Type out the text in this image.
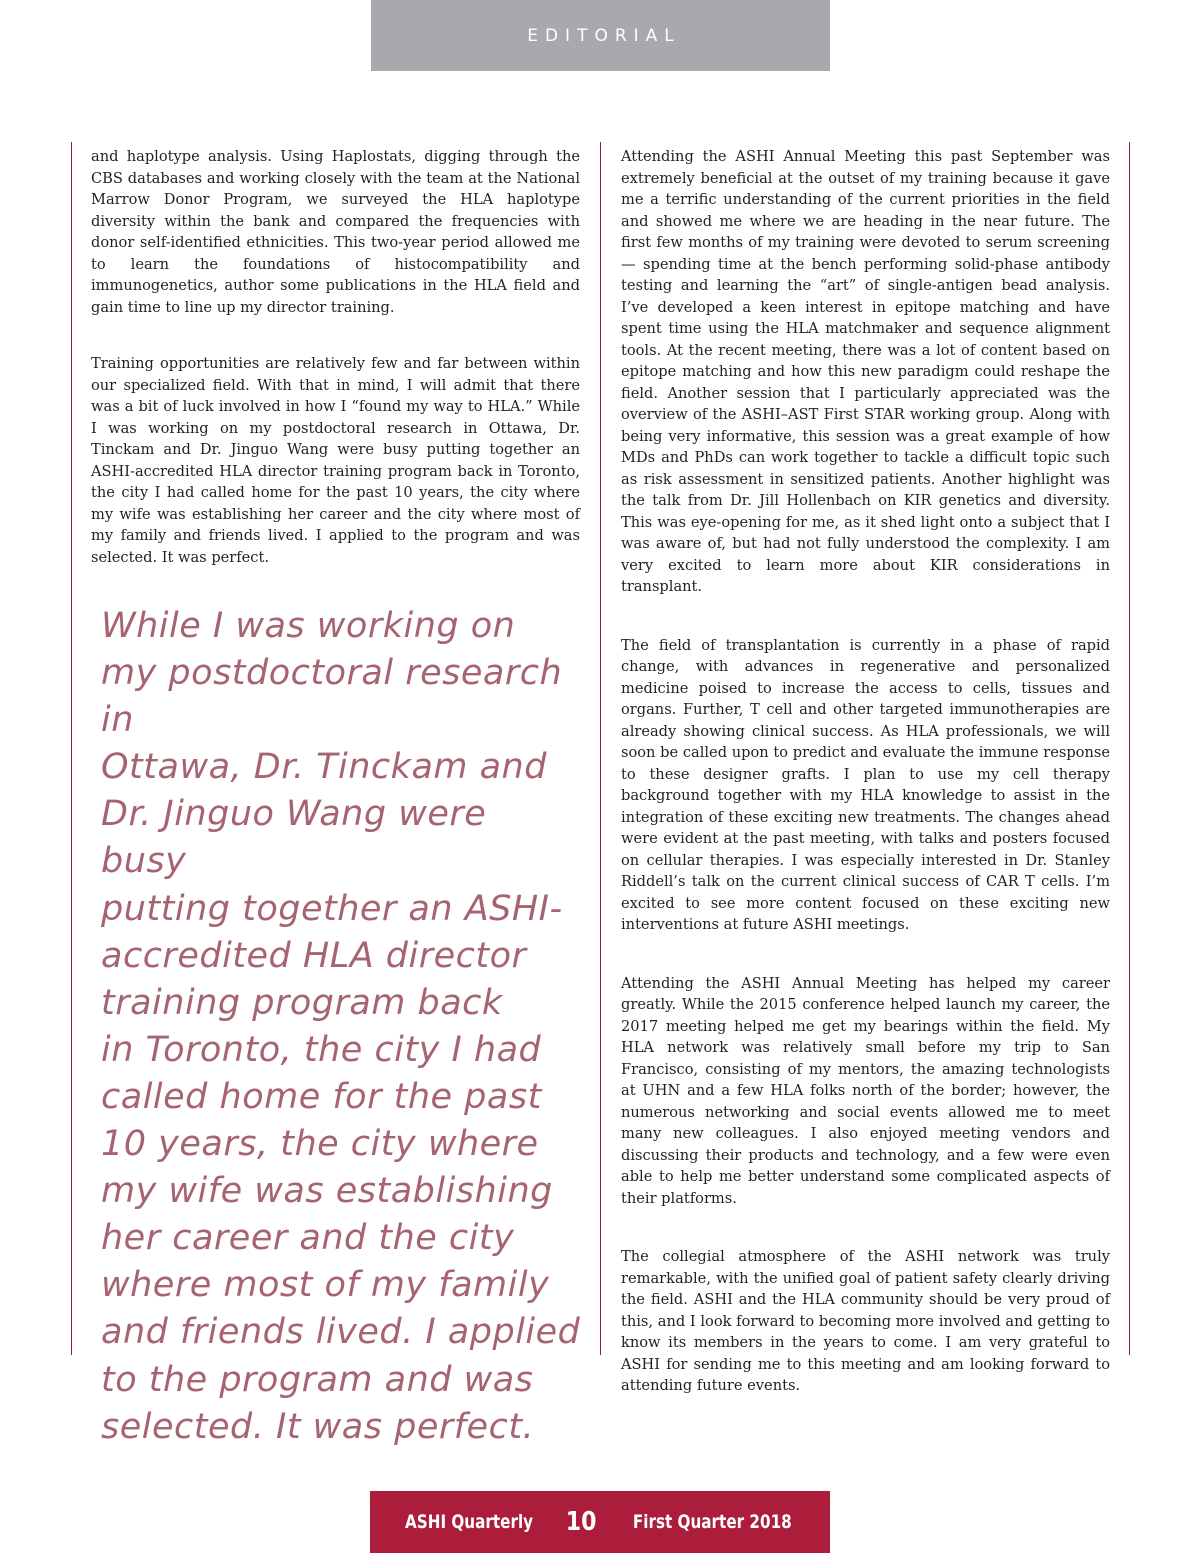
EDITORIAL

and haplotype analysis. Using Haplostats, digging through the CBS databases and working closely with the team at the National Marrow Donor Program, we surveyed the HLA haplotype diversity within the bank and compared the frequencies with donor self-identified ethnicities. This two-year period allowed me to learn the foundations of histocompatibility and immunogenetics, author some publications in the HLA field and gain time to line up my director training.

Training opportunities are relatively few and far between within our specialized field. With that in mind, I will admit that there was a bit of luck involved in how I “found my way to HLA.” While I was working on my postdoctoral research in Ottawa, Dr. Tinckam and Dr. Jinguo Wang were busy putting together an ASHI-accredited HLA director training program back in Toronto, the city I had called home for the past 10 years, the city where my wife was establishing her career and the city where most of my family and friends lived. I applied to the program and was selected. It was perfect.

While I was working on
my postdoctoral research in
Ottawa, Dr. Tinckam and
Dr. Jinguo Wang were busy
putting together an ASHI-
accredited HLA director
training program back
in Toronto, the city I had
called home for the past
10 years, the city where
my wife was establishing
her career and the city
where most of my family
and friends lived. I applied
to the program and was
selected. It was perfect.

Attending the ASHI Annual Meeting this past September was extremely beneficial at the outset of my training because it gave me a terrific understanding of the current priorities in the field and showed me where we are heading in the near future. The first few months of my training were devoted to serum screening — spending time at the bench performing solid-phase antibody testing and learning the “art” of single-antigen bead analysis. I’ve developed a keen interest in epitope matching and have spent time using the HLA matchmaker and sequence alignment tools. At the recent meeting, there was a lot of content based on epitope matching and how this new paradigm could reshape the field. Another session that I particularly appreciated was the overview of the ASHI–AST First STAR working group. Along with being very informative, this session was a great example of how MDs and PhDs can work together to tackle a difficult topic such as risk assessment in sensitized patients. Another highlight was the talk from Dr. Jill Hollenbach on KIR genetics and diversity. This was eye-opening for me, as it shed light onto a subject that I was aware of, but had not fully understood the complexity. I am very excited to learn more about KIR considerations in transplant.

The field of transplantation is currently in a phase of rapid change, with advances in regenerative and personalized medicine poised to increase the access to cells, tissues and organs. Further, T cell and other targeted immunotherapies are already showing clinical success. As HLA professionals, we will soon be called upon to predict and evaluate the immune response to these designer grafts. I plan to use my cell therapy background together with my HLA knowledge to assist in the integration of these exciting new treatments. The changes ahead were evident at the past meeting, with talks and posters focused on cellular therapies. I was especially interested in Dr. Stanley Riddell’s talk on the current clinical success of CAR T cells. I’m excited to see more content focused on these exciting new interventions at future ASHI meetings.

Attending the ASHI Annual Meeting has helped my career greatly. While the 2015 conference helped launch my career, the 2017 meeting helped me get my bearings within the field. My HLA network was relatively small before my trip to San Francisco, consisting of my mentors, the amazing technologists at UHN and a few HLA folks north of the border; however, the numerous networking and social events allowed me to meet many new colleagues. I also enjoyed meeting vendors and discussing their products and technology, and a few were even able to help me better understand some complicated aspects of their platforms.

The collegial atmosphere of the ASHI network was truly remarkable, with the unified goal of patient safety clearly driving the field. ASHI and the HLA community should be very proud of this, and I look forward to becoming more involved and getting to know its members in the years to come. I am very grateful to ASHI for sending me to this meeting and am looking forward to attending future events.

ASHI Quarterly 10 First Quarter 2018
